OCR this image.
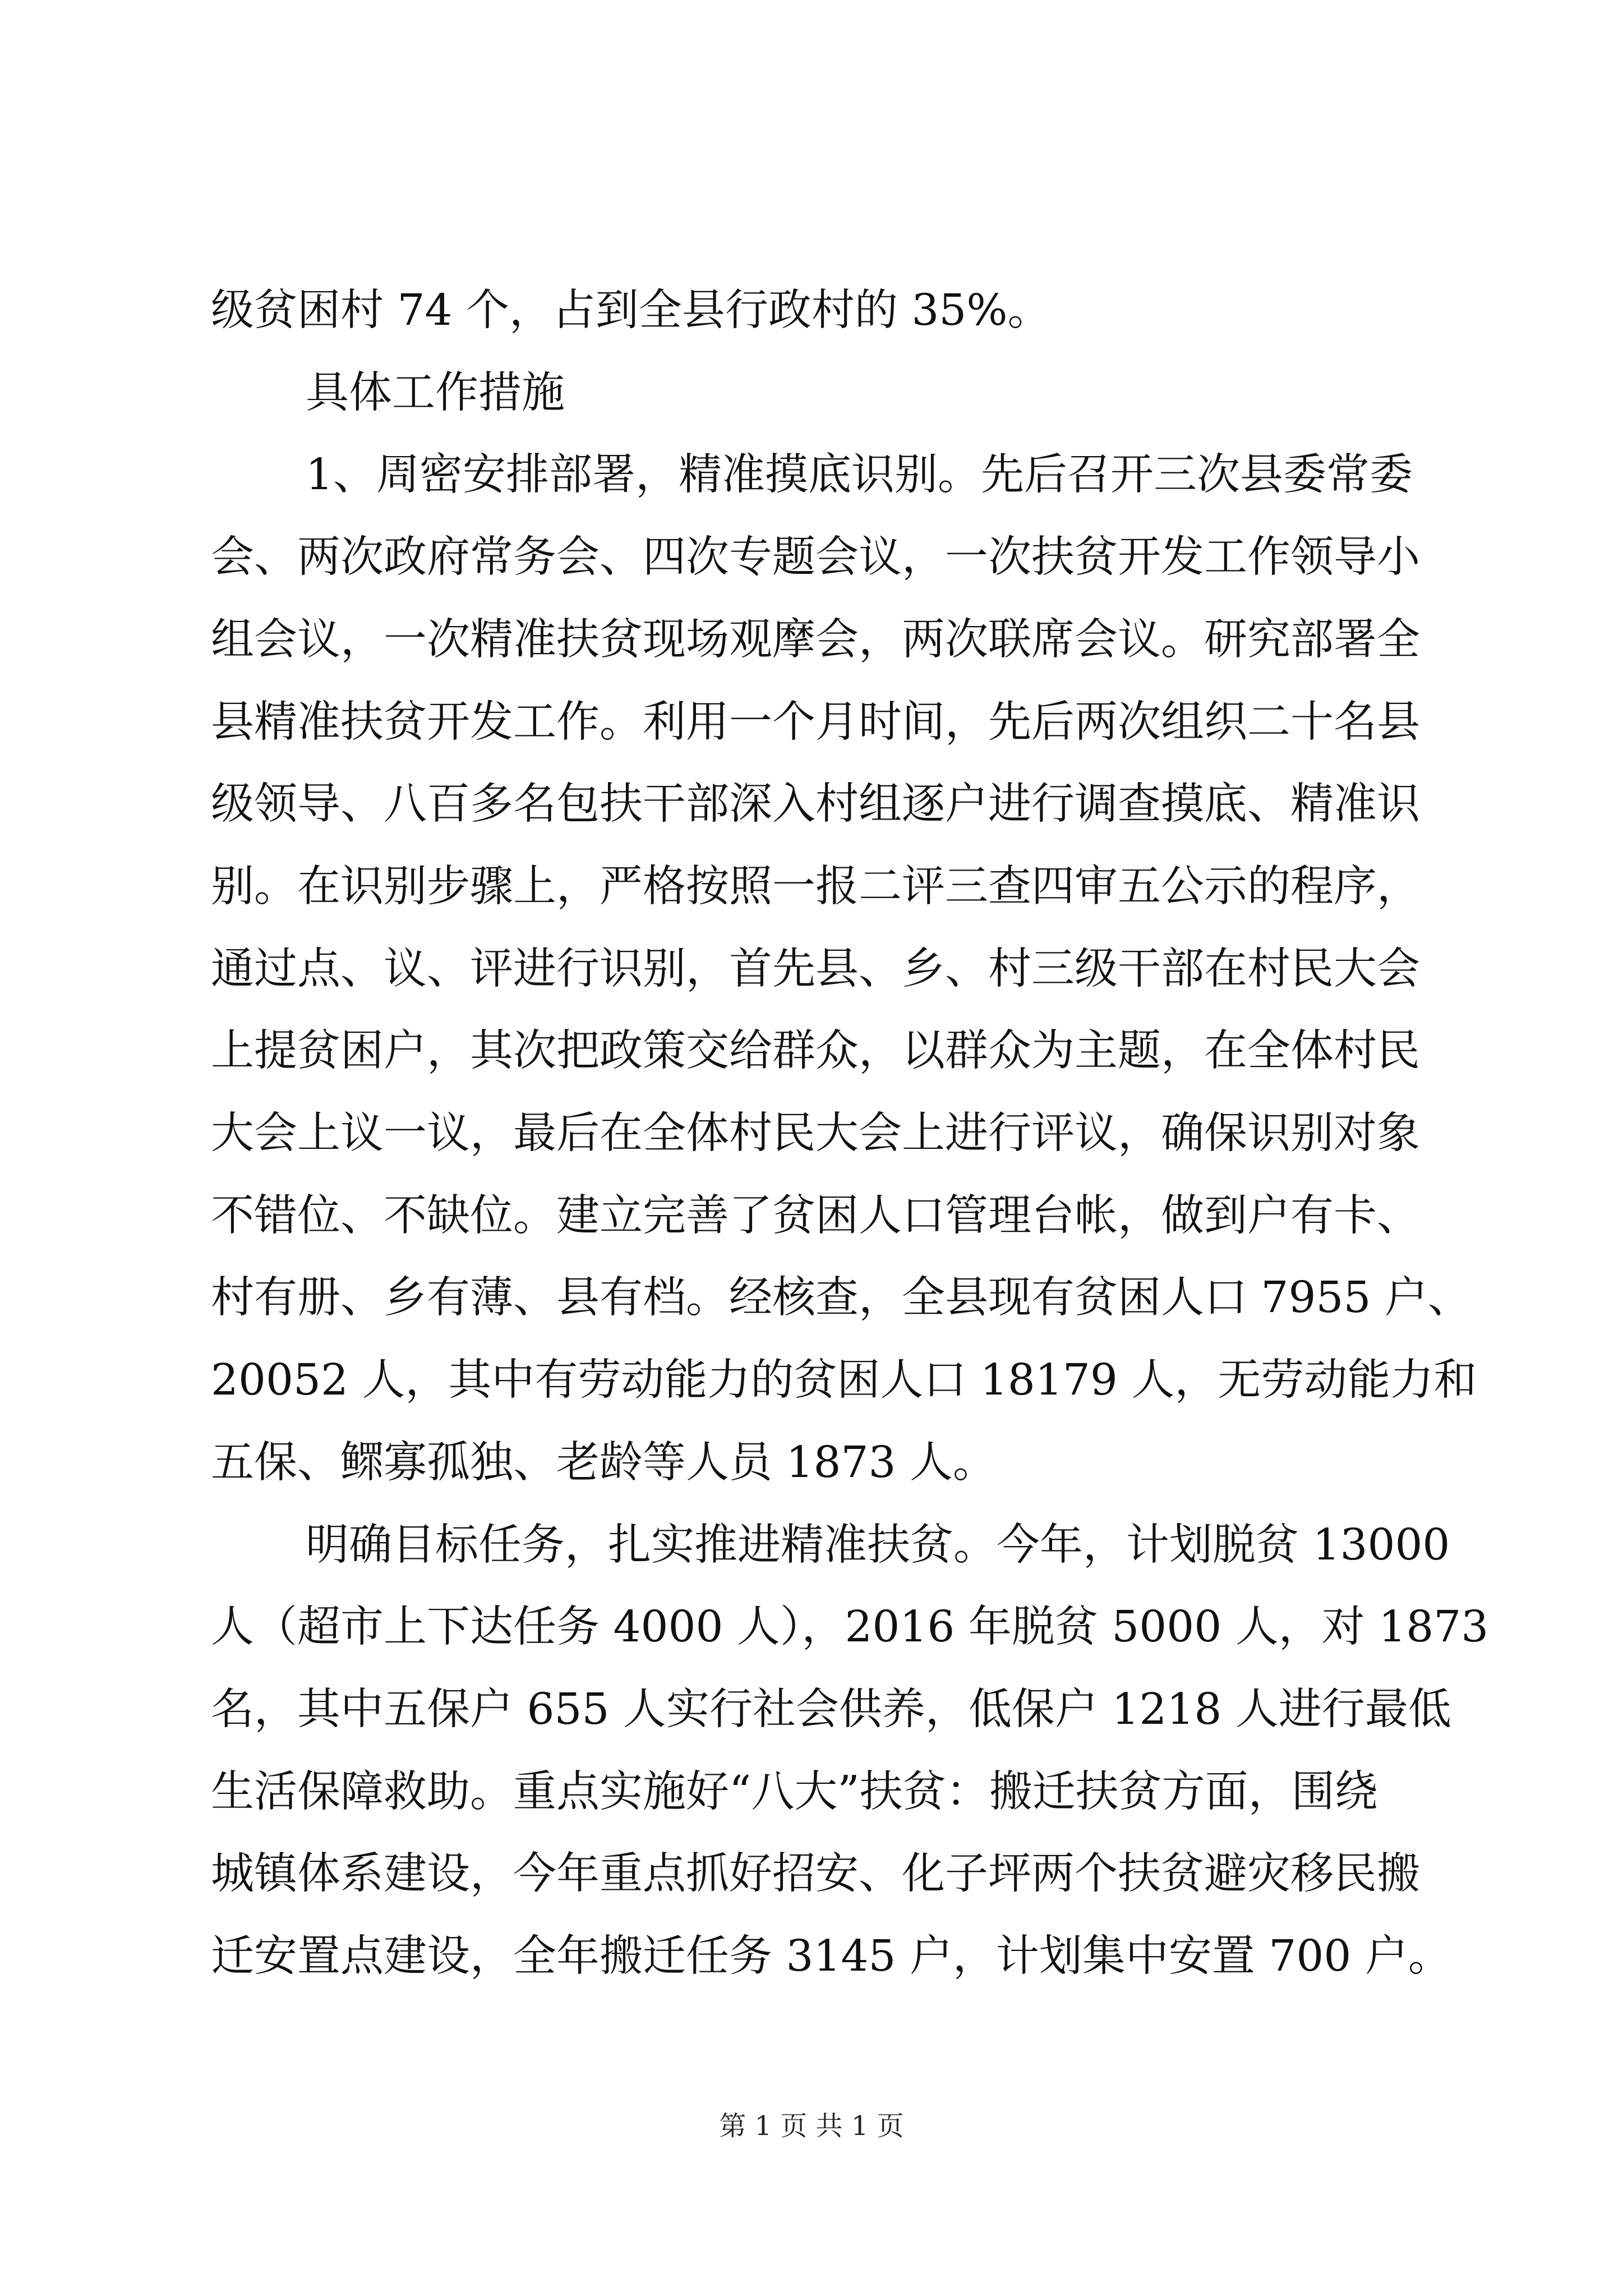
级贫困村 74 个，占到全县行政村的 35%。

具体工作措施

1、周密安排部署，精准摸底识别。先后召开三次县委常委

会、两次政府常务会、四次专题会议，一次扶贫开发工作领导小

组会议，一次精准扶贫现场观摩会，两次联席会议。研究部署全

县精准扶贫开发工作。利用一个月时间，先后两次组织二十名县

级领导、八百多名包扶干部深入村组逐户进行调查摸底、精准识

别。在识别步骤上，严格按照一报二评三查四审五公示的程序，

通过点、议、评进行识别，首先县、乡、村三级干部在村民大会

上提贫困户，其次把政策交给群众，以群众为主题，在全体村民

大会上议一议，最后在全体村民大会上进行评议，确保识别对象

不错位、不缺位。建立完善了贫困人口管理台帐，做到户有卡、

村有册、乡有薄、县有档。经核查，全县现有贫困人口 7955 户、

20052 人，其中有劳动能力的贫困人口 18179 人，无劳动能力和

五保、鳏寡孤独、老龄等人员 1873 人。

明确目标任务，扎实推进精准扶贫。今年，计划脱贫 13000

人（超市上下达任务 4000 人），2016 年脱贫 5000 人，对 1873

名，其中五保户 655 人实行社会供养，低保户 1218 人进行最低

生活保障救助。重点实施好“八大”扶贫：搬迁扶贫方面，围绕

城镇体系建设，今年重点抓好招安、化子坪两个扶贫避灾移民搬

迁安置点建设，全年搬迁任务 3145 户，计划集中安置 700 户。

第 1 页 共 1 页
